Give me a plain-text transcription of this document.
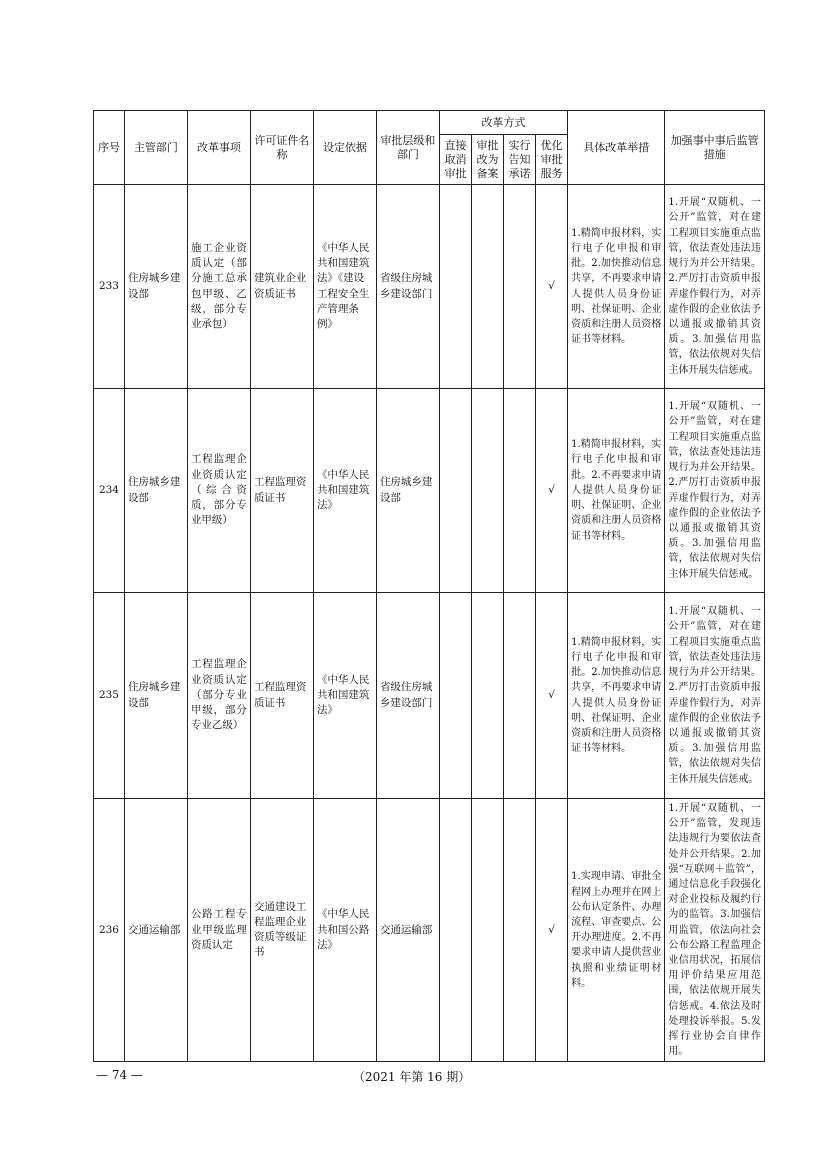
序号	主管部门	改革事项	许可证件名称	设定依据	审批层级和部门	改革方式				具体改革举措	加强事中事后监管措施
						直接取消审批	审批改为备案	实行告知承诺	优化审批服务		
233	住房城乡建设部	施工企业资质认定（部分施工总承包甲级、乙级，部分专业承包）	建筑业企业资质证书	《中华人民共和国建筑法》《建设工程安全生产管理条例》	省级住房城乡建设部门				√	1.精简申报材料，实行电子化申报和审批。2.加快推动信息共享，不再要求申请人提供人员身份证明、社保证明、企业资质和注册人员资格证书等材料。	1.开展“双随机、一公开”监管，对在建工程项目实施重点监管，依法查处违法违规行为并公开结果。2.严厉打击资质申报弄虚作假行为，对弄虚作假的企业依法予以通报或撤销其资质。3.加强信用监管，依法依规对失信主体开展失信惩戒。
234	住房城乡建设部	工程监理企业资质认定（综合资质，部分专业甲级）	工程监理资质证书	《中华人民共和国建筑法》	住房城乡建设部				√	1.精简申报材料，实行电子化申报和审批。2.不再要求申请人提供人员身份证明、社保证明、企业资质和注册人员资格证书等材料。	1.开展“双随机、一公开”监管，对在建工程项目实施重点监管，依法查处违法违规行为并公开结果。2.严厉打击资质申报弄虚作假行为，对弄虚作假的企业依法予以通报或撤销其资质。3.加强信用监管，依法依规对失信主体开展失信惩戒。
235	住房城乡建设部	工程监理企业资质认定（部分专业甲级，部分专业乙级）	工程监理资质证书	《中华人民共和国建筑法》	省级住房城乡建设部门				√	1.精简申报材料，实行电子化申报和审批。2.加快推动信息共享，不再要求申请人提供人员身份证明、社保证明、企业资质和注册人员资格证书等材料。	1.开展“双随机、一公开”监管，对在建工程项目实施重点监管，依法查处违法违规行为并公开结果。2.严厉打击资质申报弄虚作假行为，对弄虚作假的企业依法予以通报或撤销其资质。3.加强信用监管，依法依规对失信主体开展失信惩戒。
236	交通运输部	公路工程专业甲级监理资质认定	交通建设工程监理企业资质等级证书	《中华人民共和国公路法》	交通运输部				√	1.实现申请、审批全程网上办理并在网上公布认定条件、办理流程、审查要点、公开办理进度。2.不再要求申请人提供营业执照和业绩证明材料。	1.开展“双随机、一公开”监管，发现违法违规行为要依法查处并公开结果。2.加强“互联网＋监管”，通过信息化手段强化对企业投标及履约行为的监管。3.加强信用监管，依法向社会公布公路工程监理企业信用状况，拓展信用评价结果应用范围，依法依规开展失信惩戒。4.依法及时处理投诉举报。5.发挥行业协会自律作用。
— 74 —	（2021 年第 16 期）
